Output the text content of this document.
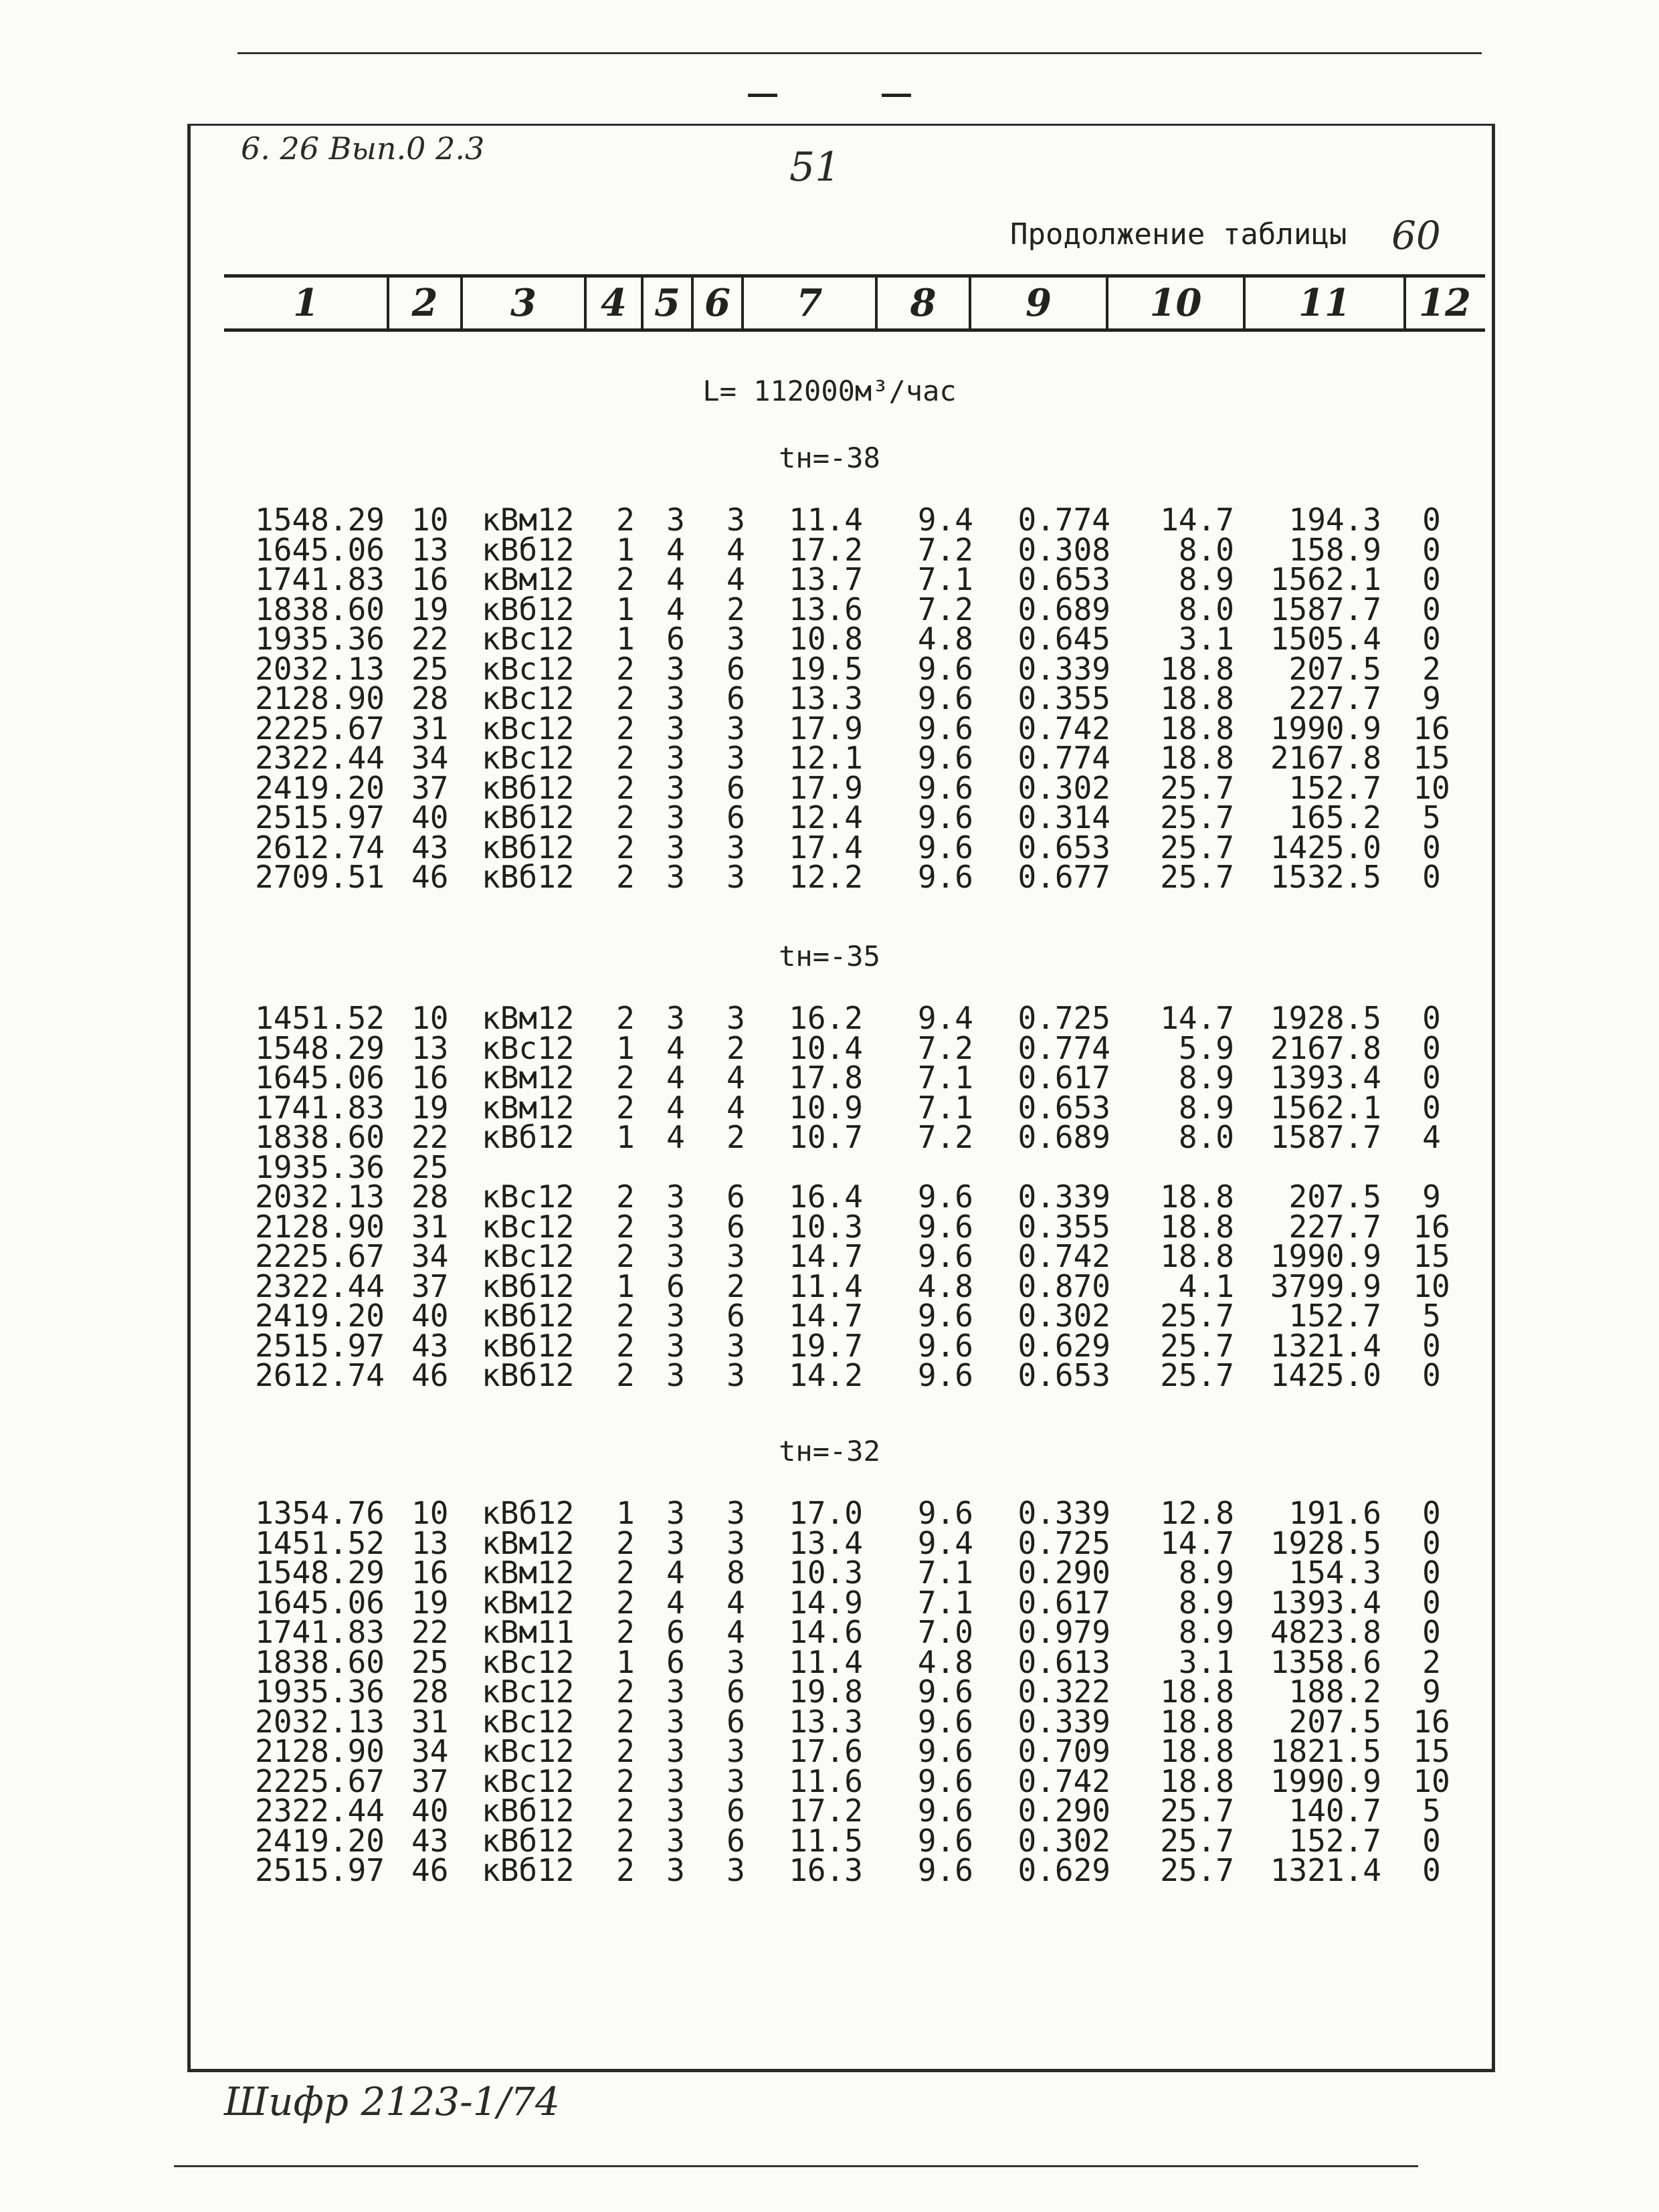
6. 26 Вып.0 2.3	51
Продолжение таблицы 60
1	2	3	4 5 6	7	8	9	10	11	12
L= 112000м³/час
tн=-38
1548.29 10 кВм12	2 3 3	11.4	9.4	0.774	14.7	194.3	0
1645.06 13 кВб12	1 4 4	17.2	7.2	0.308	8.0	158.9	0
1741.83 16 кВм12	2 4 4	13.7	7.1	0.653	8.9	1562.1	0
1838.60 19 кВб12	1 4 2	13.6	7.2	0.689	8.0	1587.7	0
1935.36 22 кВс12	1 6 3	10.8	4.8	0.645	3.1	1505.4	0
2032.13 25 кВс12	2 3 6	19.5	9.6	0.339	18.8	207.5	2
2128.90 28 кВс12	2 3 6	13.3	9.6	0.355	18.8	227.7	9
2225.67 31 кВс12	2 3 3	17.9	9.6	0.742	18.8	1990.9 16
2322.44 34 кВс12	2 3 3	12.1	9.6	0.774	18.8	2167.8 15
2419.20 37 кВб12	2 3 6	17.9	9.6	0.302	25.7	152.7 10
2515.97 40 кВб12	2 3 6	12.4	9.6	0.314	25.7	165.2	5
2612.74 43 кВб12	2 3 3	17.4	9.6	0.653	25.7	1425.0	0
2709.51 46 кВб12	2 3 3	12.2	9.6	0.677	25.7	1532.5	0
tн=-35
1451.52 10 кВм12	2 3 3	16.2	9.4	0.725	14.7	1928.5	0
1548.29 13 кВс12	1 4 2	10.4	7.2	0.774	5.9	2167.8	0
1645.06 16 кВм12	2 4 4	17.8	7.1	0.617	8.9	1393.4	0
1741.83 19 кВм12	2 4 4	10.9	7.1	0.653	8.9	1562.1	0
1838.60 22 кВб12	1 4 2	10.7	7.2	0.689	8.0	1587.7	4
1935.36 25
2032.13 28 кВс12	2 3 6	16.4	9.6	0.339	18.8	207.5	9
2128.90 31 кВс12	2 3 6	10.3	9.6	0.355	18.8	227.7 16
2225.67 34 кВс12	2 3 3	14.7	9.6	0.742	18.8	1990.9 15
2322.44 37 кВб12	1 6 2	11.4	4.8	0.870	4.1	3799.9 10
2419.20 40 кВб12	2 3 6	14.7	9.6	0.302	25.7	152.7	5
2515.97 43 кВб12	2 3 3	19.7	9.6	0.629	25.7	1321.4	0
2612.74 46 кВб12	2 3 3	14.2	9.6	0.653	25.7	1425.0	0
tн=-32
1354.76 10 кВб12	1 3 3	17.0	9.6	0.339	12.8	191.6	0
1451.52 13 кВм12	2 3 3	13.4	9.4	0.725	14.7	1928.5	0
1548.29 16 кВм12	2 4 8	10.3	7.1	0.290	8.9	154.3	0
1645.06 19 кВм12	2 4 4	14.9	7.1	0.617	8.9	1393.4	0
1741.83 22 кВм11	2 6 4	14.6	7.0	0.979	8.9	4823.8	0
1838.60 25 кВс12	1 6 3	11.4	4.8	0.613	3.1	1358.6	2
1935.36 28 кВс12	2 3 6	19.8	9.6	0.322	18.8	188.2	9
2032.13 31 кВс12	2 3 6	13.3	9.6	0.339	18.8	207.5 16
2128.90 34 кВс12	2 3 3	17.6	9.6	0.709	18.8	1821.5 15
2225.67 37 кВс12	2 3 3	11.6	9.6	0.742	18.8	1990.9 10
2322.44 40 кВб12	2 3 6	17.2	9.6	0.290	25.7	140.7	5
2419.20 43 кВб12	2 3 6	11.5	9.6	0.302	25.7	152.7	0
2515.97 46 кВб12	2 3 3	16.3	9.6	0.629	25.7	1321.4	0
Шифр 2123-1/74
